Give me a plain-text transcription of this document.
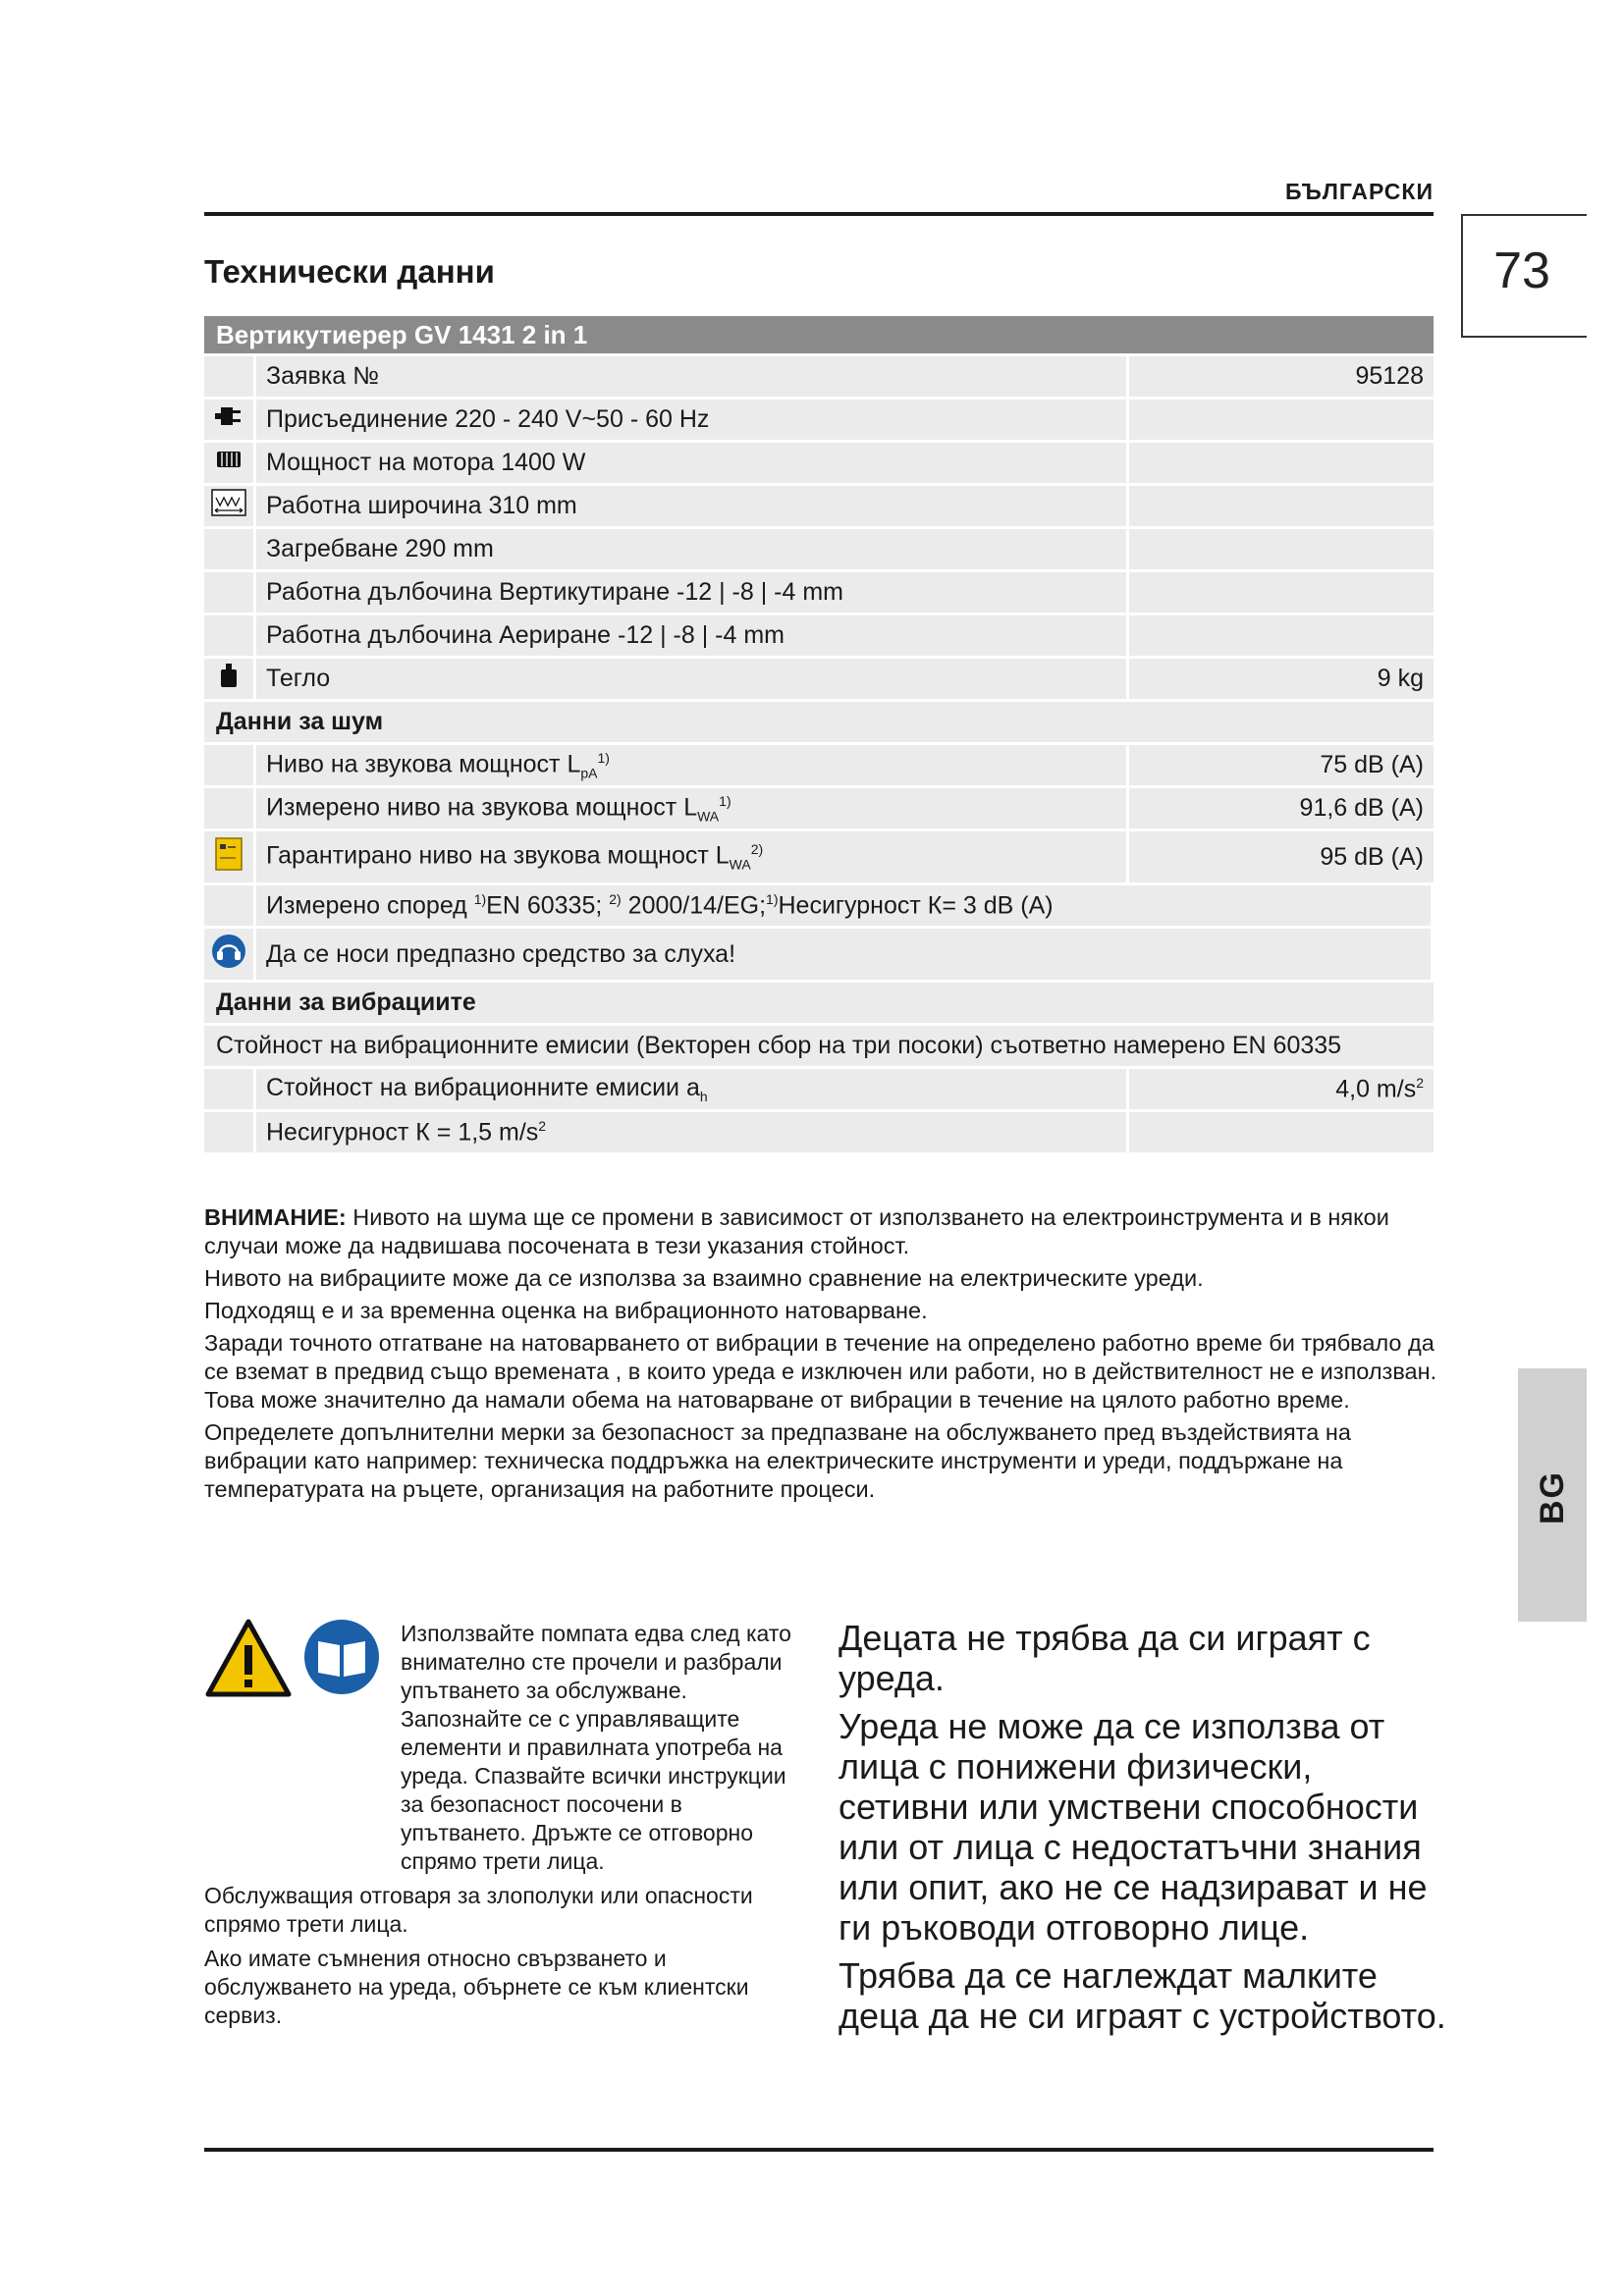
БЪЛГАРСКИ
73
Технически данни
Вертикутиерер GV 1431 2 in 1		
	Заявка №	95128
	Присъединение 220 - 240 V~50 - 60 Hz	
	Мощност на мотора 1400 W	
	Работна широчина 310 mm	
	Загребване 290 mm	
	Работна дълбочина Вертикутиране -12 | -8 | -4 mm	
	Работна дълбочина Аериране -12 | -8 | -4 mm	
	Тегло	9 kg
Данни за шум		
	Ниво на звукова мощност $L_{pA}^{1)}$	75 dB (A)
	Измерено ниво на звукова мощност $L_{WA}^{1)}$	91,6 dB (A)
	Гарантирано ниво на звукова мощност $L_{WA}^{2)}$	95 dB (A)
	Измерено според $^{1)}$EN 60335; $^{2)}$ 2000/14/EG;$^{1)}$Несигурност К= 3 dB (A)	
	Да се носи предпазно средство за слуха!	
Данни за вибрациите		
Стойност на вибрационните емисии (Векторен сбор на три посоки) съответно намерено EN 60335		
	Стойност на вибрационните емисии $a_h$	4,0 $m/s^2$
	Несигурност К = 1,5 $m/s^2$	

ВНИМАНИЕ: Нивото на шума ще се промени в зависимост от използването на електроинструмента и в някои случаи може да надвишава посочената в тези указания стойност.

Нивото на вибрациите може да се използва за взаимно сравнение на електрическите уреди.

Подходящ е и за временна оценка на вибрационното натоварване.

Заради точното отгатване на натоварването от вибрации в течение на определено работно време би трябвало да се вземат в предвид също времената , в които уреда е изключен или работи, но в действителност не е използван. Това може значително да намали обема на натоварване от вибрации в течение на цялото работно време.

Определете допълнителни мерки за безопасност за предпазване на обслужването пред въздействията на вибрации като например: техническа поддръжка на електрическите инструменти и уреди, поддържане на температурата на ръцете, организация на работните процеси.

Използвайте помпата едва след като внимателно сте прочели и разбрали упътването за обслужване. Запознайте се с управляващите елементи и правилната употреба на уреда. Спазвайте всички инструкции за безопасност посочени в упътването. Дръжте се отговорно спрямо трети лица.

Обслужващия отговаря за злополуки или опасности спрямо трети лица.

Ако имате съмнения относно свързването и обслужването на уреда, обърнете се към клиентски сервиз.

Децата не трябва да си играят с уреда.

Уреда не може да се използва от лица с понижени физически, сетивни или умствени способности или от лица с недостатъчни знания или опит, ако не се надзирават и не ги ръководи отговорно лице.

Трябва да се наглеждат малките деца да не си играят с устройството.

BG
